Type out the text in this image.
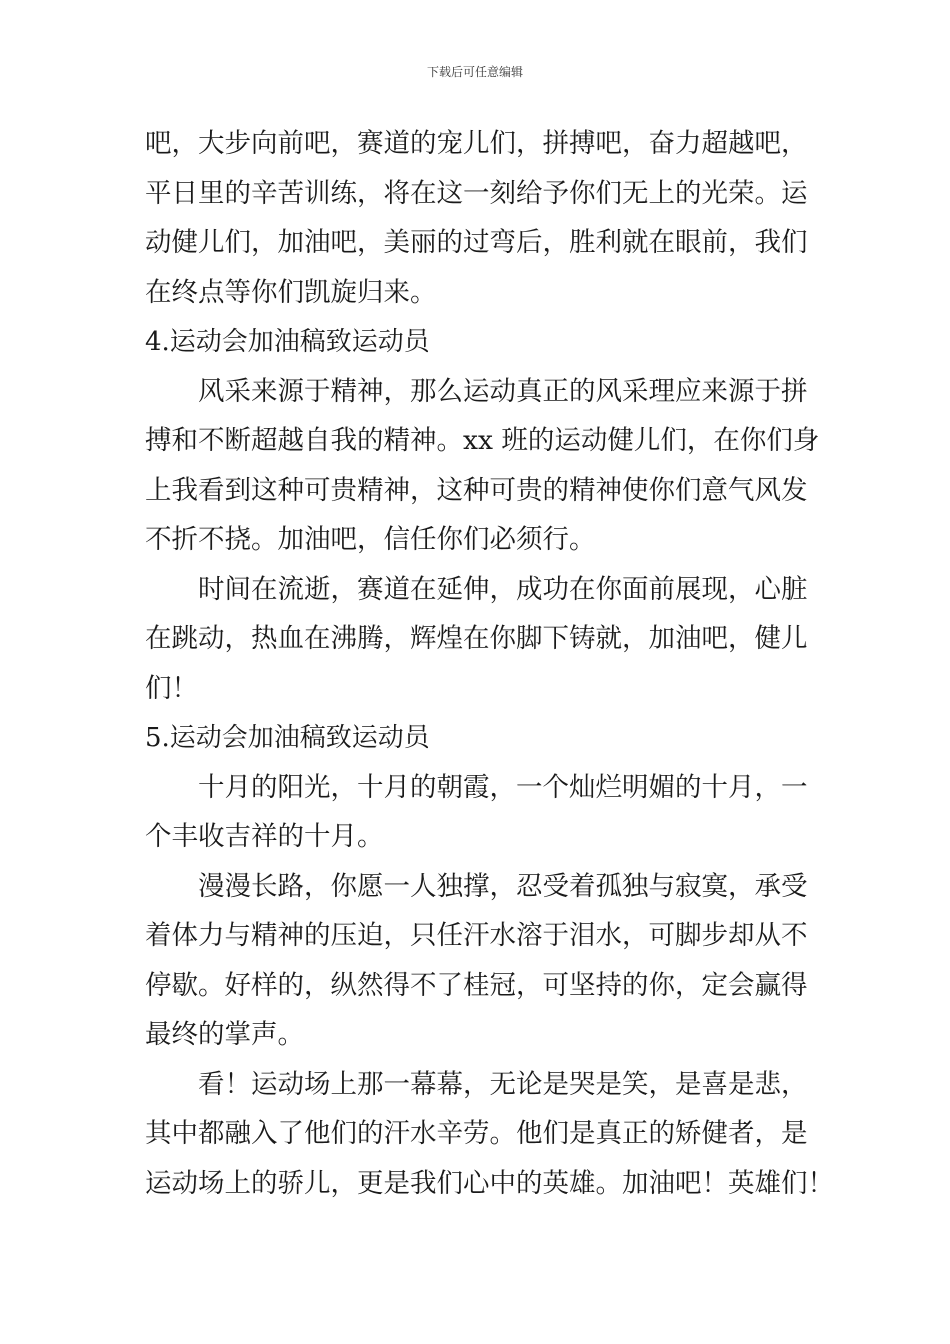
下载后可任意编辑
吧，大步向前吧，赛道的宠儿们，拼搏吧，奋力超越吧，
平日里的辛苦训练，将在这一刻给予你们无上的光荣。运
动健儿们，加油吧，美丽的过弯后，胜利就在眼前，我们
在终点等你们凯旋归来。
4.运动会加油稿致运动员
风采来源于精神，那么运动真正的风采理应来源于拼
搏和不断超越自我的精神。xx 班的运动健儿们，在你们身
上我看到这种可贵精神，这种可贵的精神使你们意气风发
不折不挠。加油吧，信任你们必须行。
时间在流逝，赛道在延伸，成功在你面前展现，心脏
在跳动，热血在沸腾，辉煌在你脚下铸就，加油吧，健儿
们！
5.运动会加油稿致运动员
十月的阳光，十月的朝霞，一个灿烂明媚的十月，一
个丰收吉祥的十月。
漫漫长路，你愿一人独撑，忍受着孤独与寂寞，承受
着体力与精神的压迫，只任汗水溶于泪水，可脚步却从不
停歇。好样的，纵然得不了桂冠，可坚持的你，定会赢得
最终的掌声。
看！运动场上那一幕幕，无论是哭是笑，是喜是悲，
其中都融入了他们的汗水辛劳。他们是真正的矫健者，是
运动场上的骄儿，更是我们心中的英雄。加油吧！英雄们！
